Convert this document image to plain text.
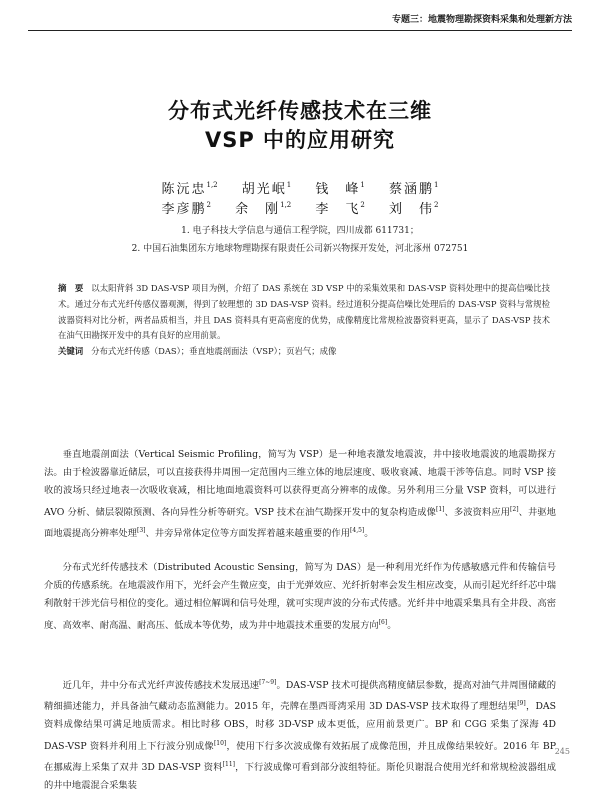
专题三：地震物理勘探资料采集和处理新方法
分布式光纤传感技术在三维
VSP 中的应用研究
陈沅忠$^{1,2}$ 胡光岷$^1$ 钱　峰$^1$ 蔡涵鹏$^1$
李彦鹏$^2$ 余　刚$^{1,2}$ 李　飞$^2$ 刘　伟$^2$
1. 电子科技大学信息与通信工程学院，四川成都 611731；
2. 中国石油集团东方地球物理勘探有限责任公司新兴物探开发处，河北涿州 072751
摘　要 以太阳背斜 3D DAS-VSP 项目为例，介绍了 DAS 系统在 3D VSP 中的采集效果和 DAS-VSP 资料处理中的提高信噪比技术。通过分布式光纤传感仪器观测，得到了较理想的 3D DAS-VSP 资料。经过道积分提高信噪比处理后的 DAS-VSP 资料与常规检波器资料对比分析，两者品质相当，并且 DAS 资料具有更高密度的优势，成像精度比常规检波器资料更高，显示了 DAS-VSP 技术在油气田勘探开发中的具有良好的应用前景。
关键词 分布式光纤传感（DAS）；垂直地震剖面法（VSP）；页岩气；成像
垂直地震剖面法（Vertical Seismic Profiling，简写为 VSP）是一种地表激发地震波，井中接收地震波的地震勘探方法。由于检波器靠近储层，可以直接获得井周围一定范围内三维立体的地层速度、吸收衰减、地震干涉等信息。同时 VSP 接收的波场只经过地表一次吸收衰减，相比地面地震资料可以获得更高分辨率的成像。另外利用三分量 VSP 资料，可以进行 AVO 分析、储层裂隙预测、各向异性分析等研究。VSP 技术在油气勘探开发中的复杂构造成像[1]、多波资料应用[2]、井驱地面地震提高分辨率处理[3]、井旁异常体定位等方面发挥着越来越重要的作用[4,5]。
分布式光纤传感技术（Distributed Acoustic Sensing，简写为 DAS）是一种利用光纤作为传感敏感元件和传输信号介质的传感系统。在地震波作用下，光纤会产生微应变，由于光弹效应、光纤折射率会发生相应改变，从而引起光纤纤芯中瑞利散射干涉光信号相位的变化。通过相位解调和信号处理，就可实现声波的分布式传感。光纤井中地震采集具有全井段、高密度、高效率、耐高温、耐高压、低成本等优势，成为井中地震技术重要的发展方向[6]。
近几年，井中分布式光纤声波传感技术发展迅速[7~9]。DAS-VSP 技术可提供高精度储层参数，提高对油气井周围储藏的精细描述能力，并具备油气藏动态监测能力。2015 年，壳牌在墨西哥湾采用 3D DAS-VSP 技术取得了理想结果[9]，DAS 资料成像结果可满足地质需求。相比时移 OBS，时移 3D-VSP 成本更低，应用前景更广。BP 和 CGG 采集了深海 4D DAS-VSP 资料并利用上下行波分别成像[10]，使用下行多次波成像有效拓展了成像范围，并且成像结果较好。2016 年 BP 在挪威海上采集了双井 3D DAS-VSP 资料[11]，下行波成像可看到部分波组特征。斯伦贝谢混合使用光纤和常规检波器组成的井中地震混合采集装
245
